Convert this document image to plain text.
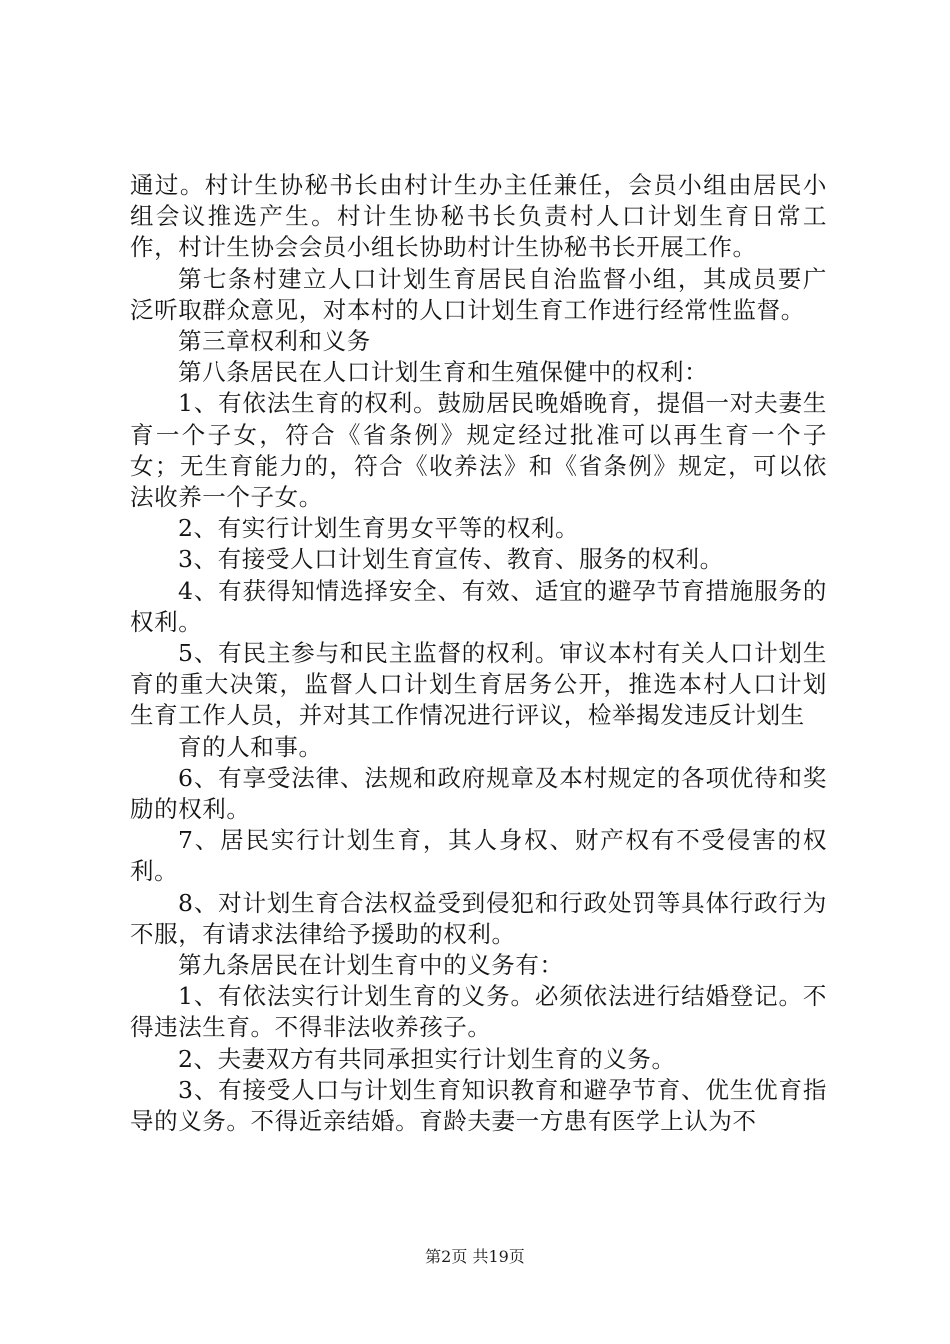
通过。村计生协秘书长由村计生办主任兼任，会员小组由居民小组会议推选产生。村计生协秘书长负责村人口计划生育日常工作，村计生协会会员小组长协助村计生协秘书长开展工作。

第七条村建立人口计划生育居民自治监督小组，其成员要广泛听取群众意见，对本村的人口计划生育工作进行经常性监督。

第三章权利和义务

第八条居民在人口计划生育和生殖保健中的权利：

1、有依法生育的权利。鼓励居民晚婚晚育，提倡一对夫妻生育一个子女，符合《省条例》规定经过批准可以再生育一个子女；无生育能力的，符合《收养法》和《省条例》规定，可以依法收养一个子女。

2、有实行计划生育男女平等的权利。

3、有接受人口计划生育宣传、教育、服务的权利。

4、有获得知情选择安全、有效、适宜的避孕节育措施服务的权利。

5、有民主参与和民主监督的权利。审议本村有关人口计划生育的重大决策，监督人口计划生育居务公开，推选本村人口计划生育工作人员，并对其工作情况进行评议，检举揭发违反计划生

育的人和事。

6、有享受法律、法规和政府规章及本村规定的各项优待和奖励的权利。

7、居民实行计划生育，其人身权、财产权有不受侵害的权利。

8、对计划生育合法权益受到侵犯和行政处罚等具体行政行为不服，有请求法律给予援助的权利。

第九条居民在计划生育中的义务有：

1、有依法实行计划生育的义务。必须依法进行结婚登记。不得违法生育。不得非法收养孩子。

2、夫妻双方有共同承担实行计划生育的义务。

3、有接受人口与计划生育知识教育和避孕节育、优生优育指导的义务。不得近亲结婚。育龄夫妻一方患有医学上认为不

第2页 共19页
